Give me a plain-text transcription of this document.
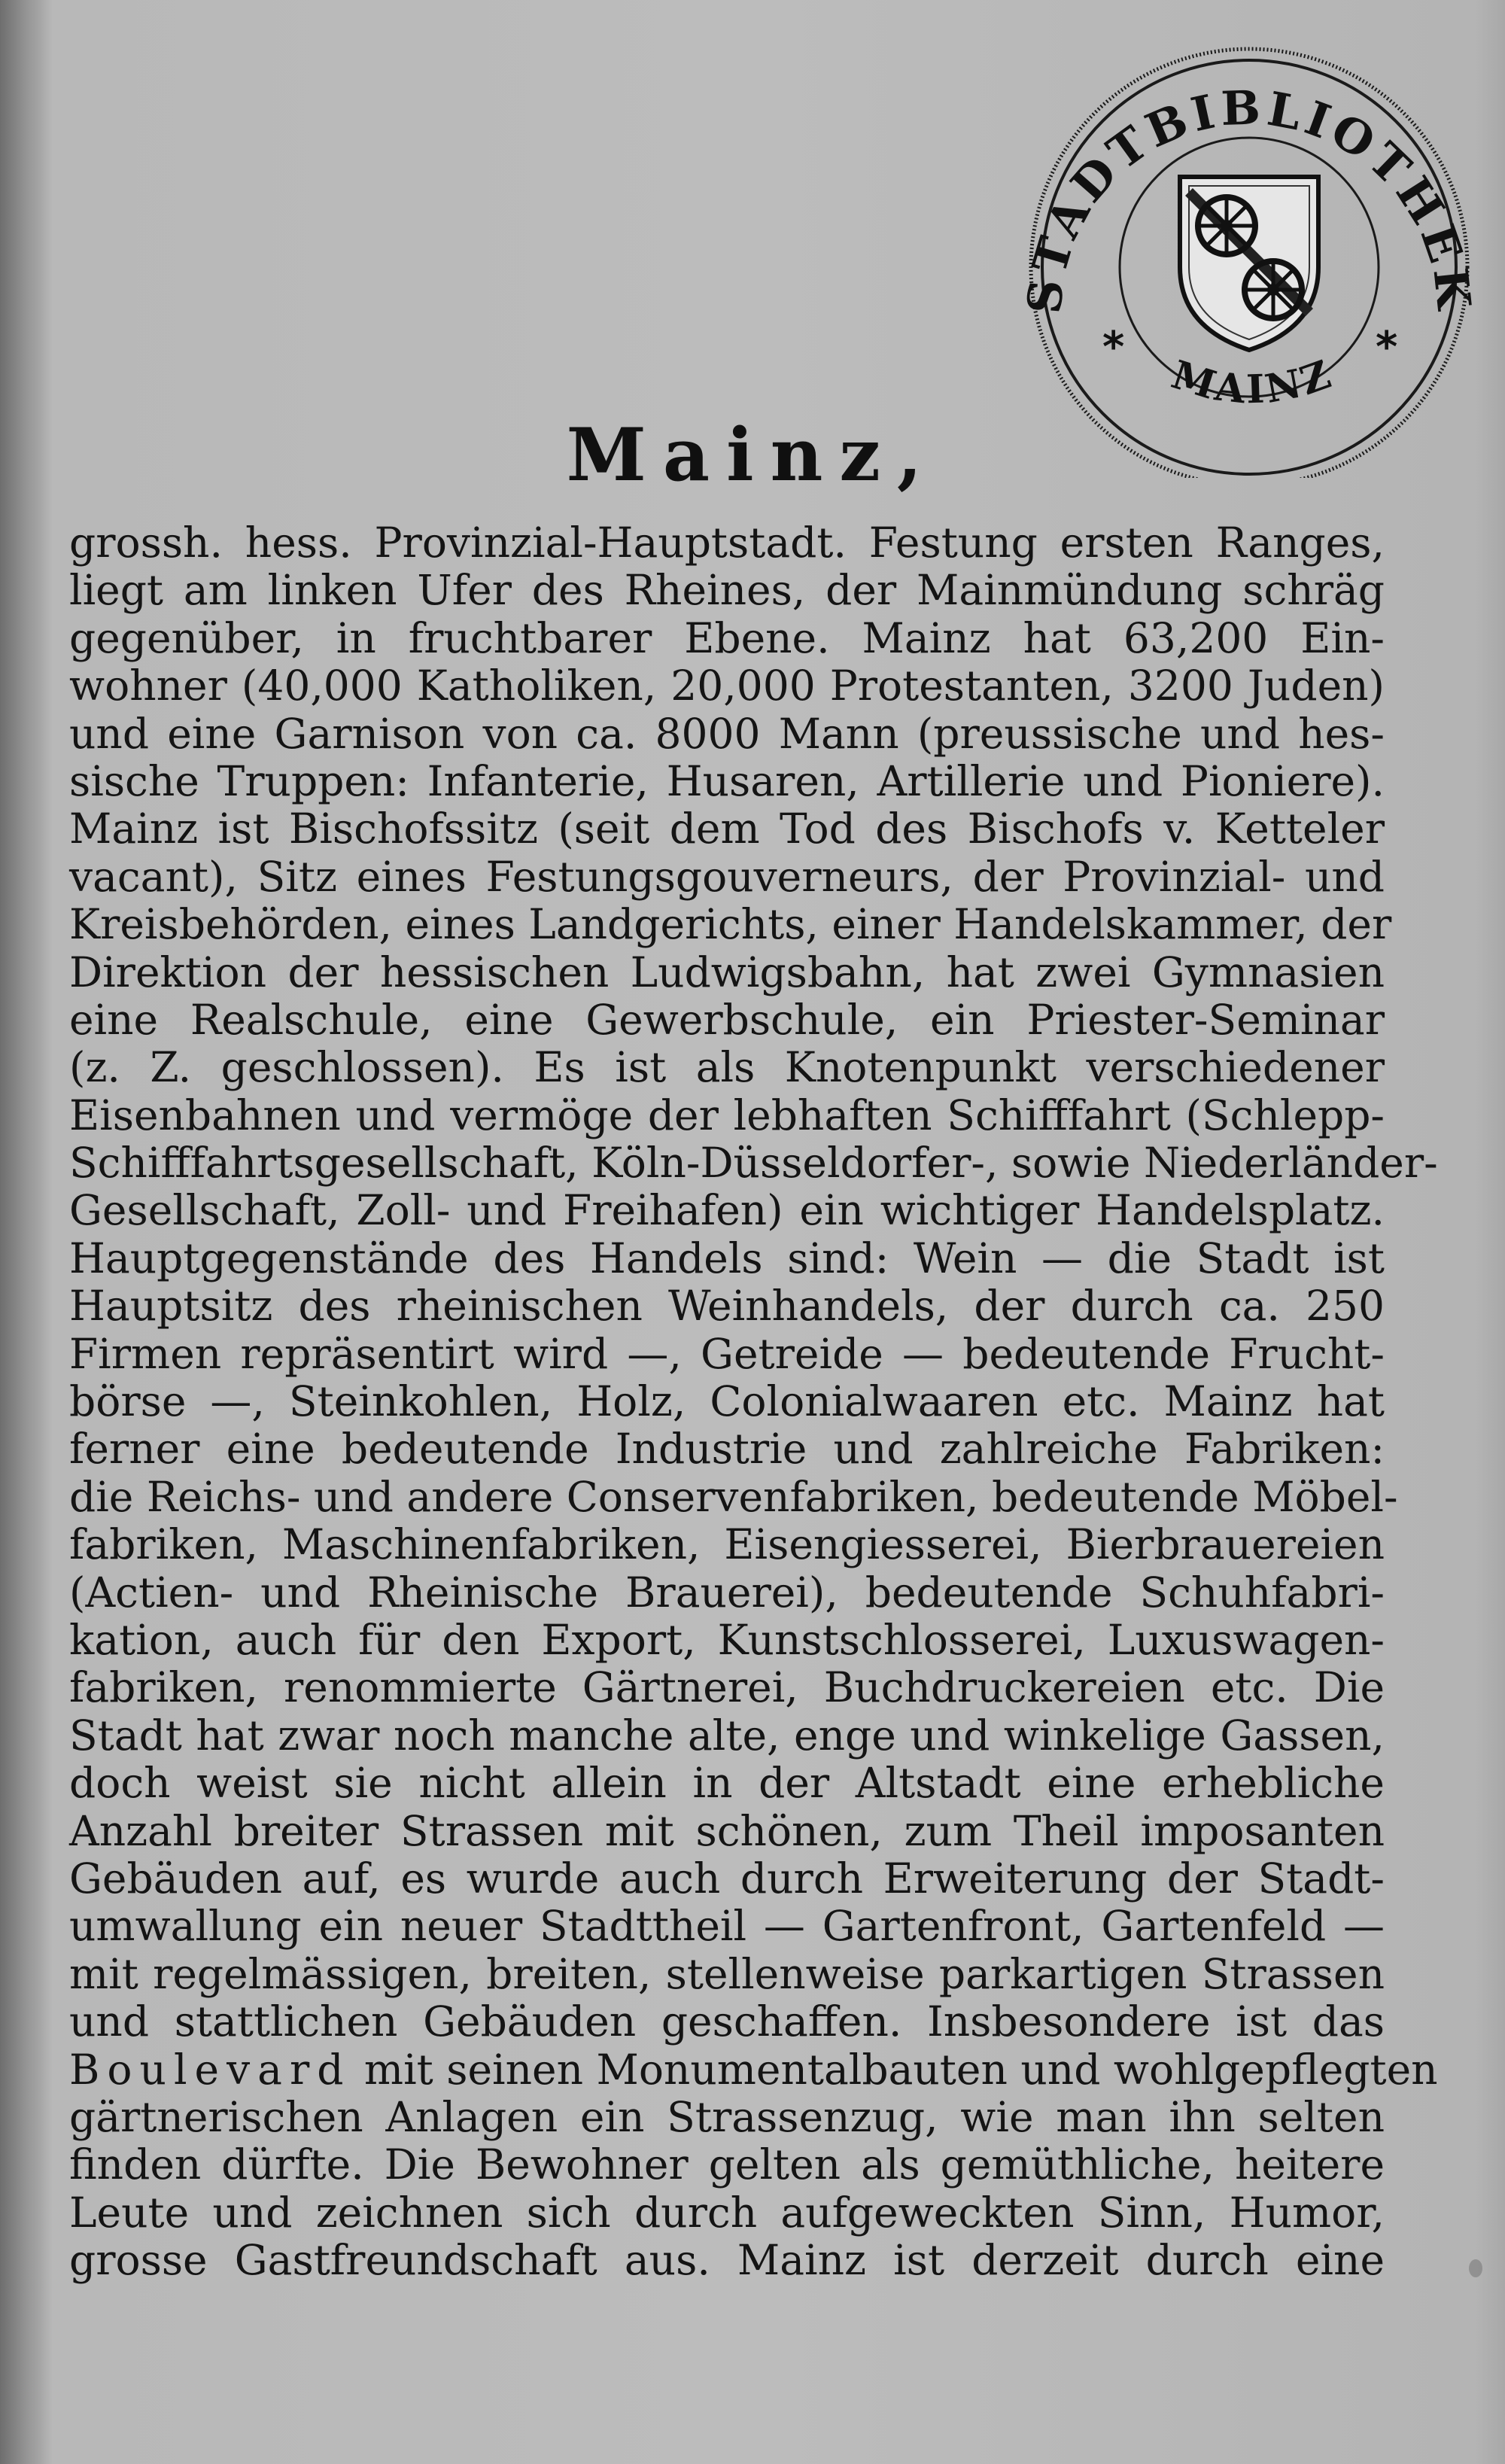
STADTBIBLIOTHEK
*	*
MAINZ
Mainz,
grossh. hess. Provinzial-Hauptstadt. Festung ersten Ranges,
liegt am linken Ufer des Rheines, der Mainmündung schräg
gegenüber, in fruchtbarer Ebene. Mainz hat 63,200 Ein-
wohner (40,000 Katholiken, 20,000 Protestanten, 3200 Juden)
und eine Garnison von ca. 8000 Mann (preussische und hes-
sische Truppen: Infanterie, Husaren, Artillerie und Pioniere).
Mainz ist Bischofssitz (seit dem Tod des Bischofs v. Ketteler
vacant), Sitz eines Festungsgouverneurs, der Provinzial- und
Kreisbehörden, eines Landgerichts, einer Handelskammer, der
Direktion der hessischen Ludwigsbahn, hat zwei Gymnasien
eine Realschule, eine Gewerbschule, ein Priester-Seminar
(z. Z. geschlossen). Es ist als Knotenpunkt verschiedener
Eisenbahnen und vermöge der lebhaften Schifffahrt (Schlepp-
Schifffahrtsgesellschaft, Köln-Düsseldorfer-, sowie Niederländer-
Gesellschaft, Zoll- und Freihafen) ein wichtiger Handelsplatz.
Hauptgegenstände des Handels sind: Wein — die Stadt ist
Hauptsitz des rheinischen Weinhandels, der durch ca. 250
Firmen repräsentirt wird —, Getreide — bedeutende Frucht-
börse —, Steinkohlen, Holz, Colonialwaaren etc. Mainz hat
ferner eine bedeutende Industrie und zahlreiche Fabriken:
die Reichs- und andere Conservenfabriken, bedeutende Möbel-
fabriken, Maschinenfabriken, Eisengiesserei, Bierbrauereien
(Actien- und Rheinische Brauerei), bedeutende Schuhfabri-
kation, auch für den Export, Kunstschlosserei, Luxuswagen-
fabriken, renommierte Gärtnerei, Buchdruckereien etc. Die
Stadt hat zwar noch manche alte, enge und winkelige Gassen,
doch weist sie nicht allein in der Altstadt eine erhebliche
Anzahl breiter Strassen mit schönen, zum Theil imposanten
Gebäuden auf, es wurde auch durch Erweiterung der Stadt-
umwallung ein neuer Stadttheil — Gartenfront, Gartenfeld —
mit regelmässigen, breiten, stellenweise parkartigen Strassen
und stattlichen Gebäuden geschaffen. Insbesondere ist das
Boulevard mit seinen Monumentalbauten und wohlgepflegten
gärtnerischen Anlagen ein Strassenzug, wie man ihn selten
finden dürfte. Die Bewohner gelten als gemüthliche, heitere
Leute und zeichnen sich durch aufgeweckten Sinn, Humor,
grosse Gastfreundschaft aus. Mainz ist derzeit durch eine
